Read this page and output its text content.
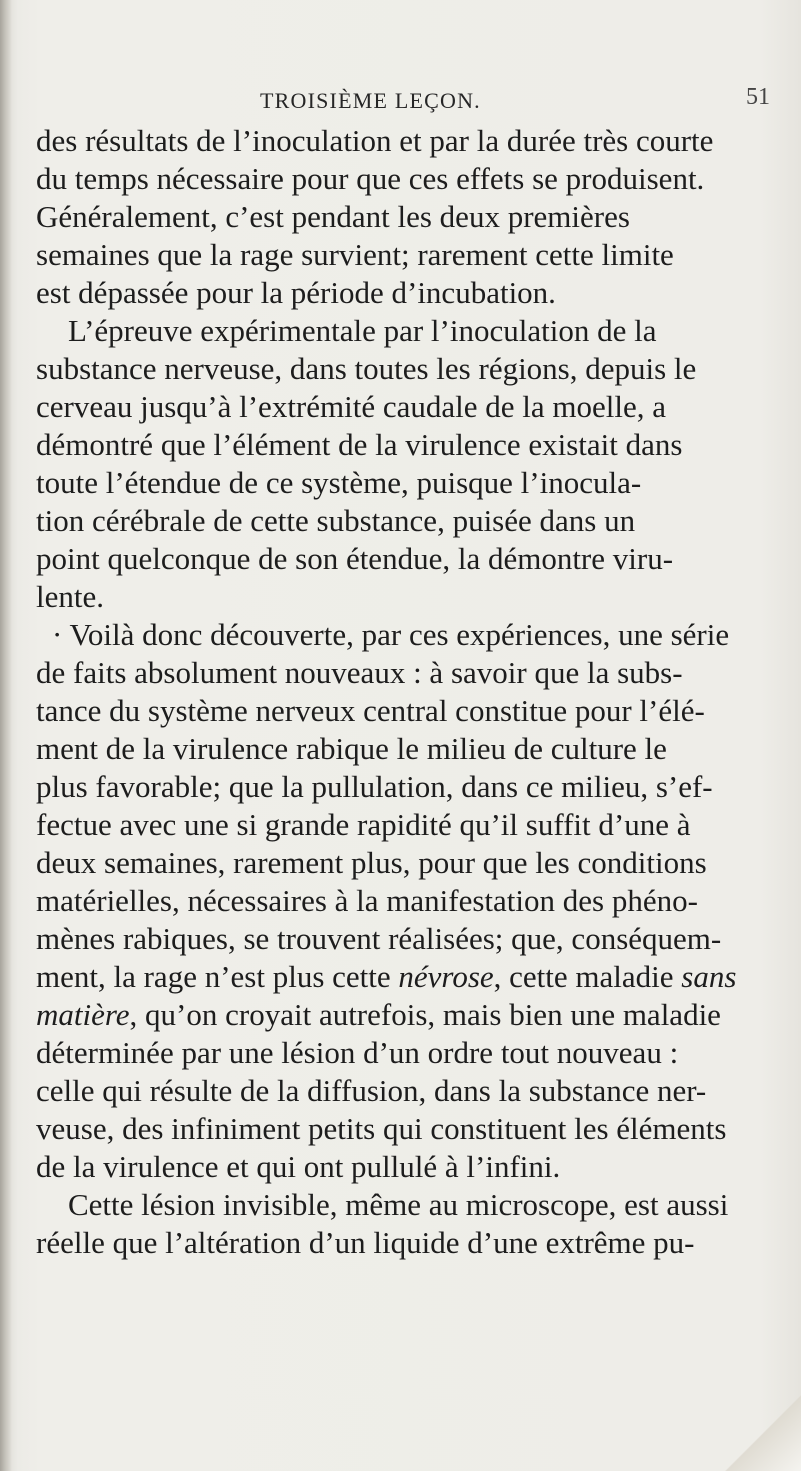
TROISIÈME LEÇON.	51
des résultats de l’inoculation et par la durée très courte
du temps nécessaire pour que ces effets se produisent.
Généralement, c’est pendant les deux premières
semaines que la rage survient; rarement cette limite
est dépassée pour la période d’incubation.
L’épreuve expérimentale par l’inoculation de la
substance nerveuse, dans toutes les régions, depuis le
cerveau jusqu’à l’extrémité caudale de la moelle, a
démontré que l’élément de la virulence existait dans
toute l’étendue de ce système, puisque l’inocula-
tion cérébrale de cette substance, puisée dans un
point quelconque de son étendue, la démontre viru-
lente.
· Voilà donc découverte, par ces expériences, une série
de faits absolument nouveaux : à savoir que la subs-
tance du système nerveux central constitue pour l’élé-
ment de la virulence rabique le milieu de culture le
plus favorable; que la pullulation, dans ce milieu, s’ef-
fectue avec une si grande rapidité qu’il suffit d’une à
deux semaines, rarement plus, pour que les conditions
matérielles, nécessaires à la manifestation des phéno-
mènes rabiques, se trouvent réalisées; que, conséquem-
ment, la rage n’est plus cette névrose, cette maladie sans
matière, qu’on croyait autrefois, mais bien une maladie
déterminée par une lésion d’un ordre tout nouveau :
celle qui résulte de la diffusion, dans la substance ner-
veuse, des infiniment petits qui constituent les éléments
de la virulence et qui ont pullulé à l’infini.
Cette lésion invisible, même au microscope, est aussi
réelle que l’altération d’un liquide d’une extrême pu-
